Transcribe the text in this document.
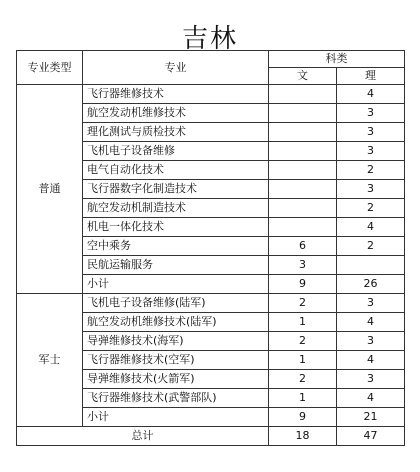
吉林
专业类型	专业	科类	
		文	理
普通	飞行器维修技术		4
	航空发动机维修技术		3
	理化测试与质检技术		3
	飞机电子设备维修		3
	电气自动化技术		2
	飞行器数字化制造技术		3
	航空发动机制造技术		2
	机电一体化技术		4
	空中乘务	6	2
	民航运输服务	3	
	小计	9	26
军士	飞机电子设备维修(陆军)	2	3
	航空发动机维修技术(陆军)	1	4
	导弹维修技术(海军)	2	3
	飞行器维修技术(空军)	1	4
	导弹维修技术(火箭军)	2	3
	飞行器维修技术(武警部队)	1	4
	小计	9	21
总计		18	47
